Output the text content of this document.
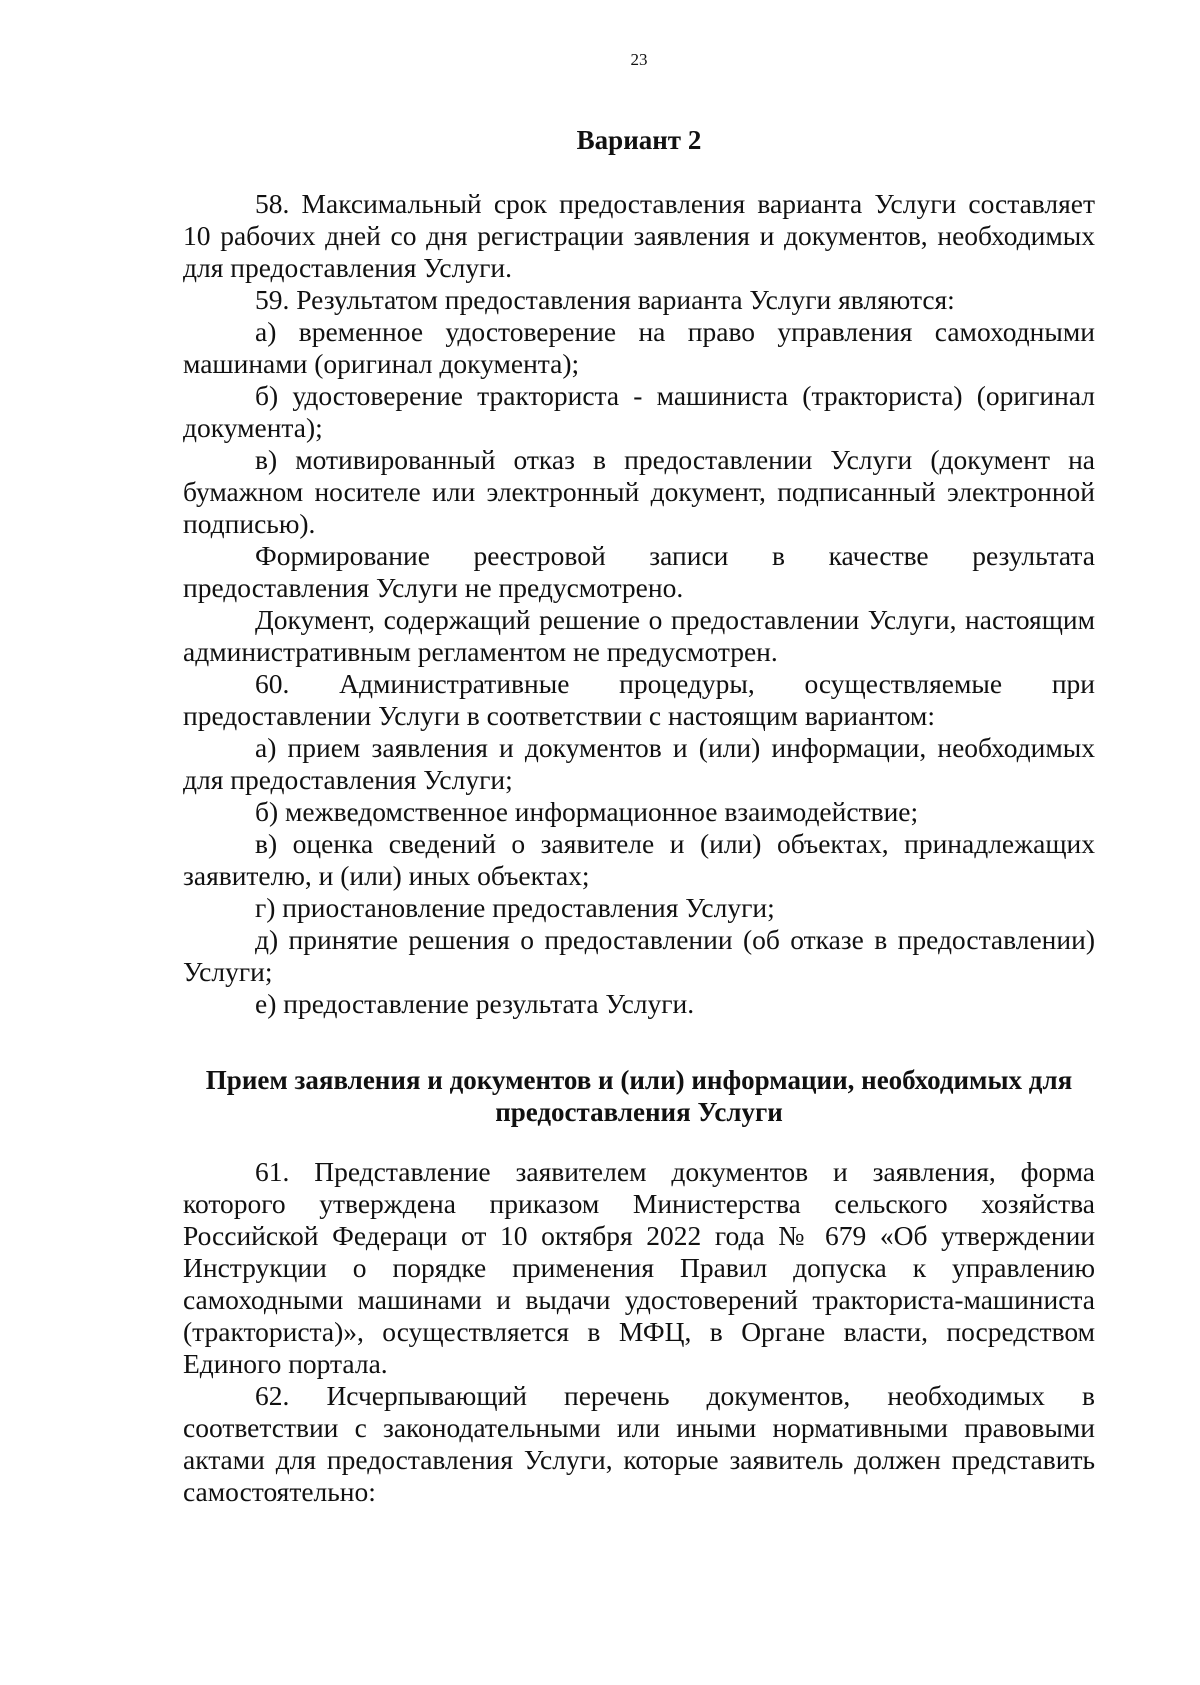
23
Вариант 2

58. Максимальный срок предоставления варианта Услуги составляет 10 рабочих дней со дня регистрации заявления и документов, необходимых для предоставления Услуги.

59. Результатом предоставления варианта Услуги являются:

а) временное удостоверение на право управления самоходными машинами (оригинал документа);

б) удостоверение тракториста - машиниста (тракториста) (оригинал документа);

в) мотивированный отказ в предоставлении Услуги (документ на бумажном носителе или электронный документ, подписанный электронной подписью).

Формирование реестровой записи в качестве результата предоставления Услуги не предусмотрено.

Документ, содержащий решение о предоставлении Услуги, настоящим административным регламентом не предусмотрен.

60. Административные процедуры, осуществляемые при предоставлении Услуги в соответствии с настоящим вариантом:

а) прием заявления и документов и (или) информации, необходимых для предоставления Услуги;

б) межведомственное информационное взаимодействие;

в) оценка сведений о заявителе и (или) объектах, принадлежащих заявителю, и (или) иных объектах;

г) приостановление предоставления Услуги;

д) принятие решения о предоставлении (об отказе в предоставлении) Услуги;

е) предоставление результата Услуги.

Прием заявления и документов и (или) информации, необходимых для
предоставления Услуги

61. Представление заявителем документов и заявления, форма которого утверждена приказом Министерства сельского хозяйства Российской Федераци от 10 октября 2022 года № 679 «Об утверждении Инструкции о порядке применения Правил допуска к управлению самоходными машинами и выдачи удостоверений тракториста-машиниста (тракториста)», осуществляется в МФЦ, в Органе власти, посредством Единого портала.

62. Исчерпывающий перечень документов, необходимых в соответствии с законодательными или иными нормативными правовыми актами для предоставления Услуги, которые заявитель должен представить самостоятельно:
